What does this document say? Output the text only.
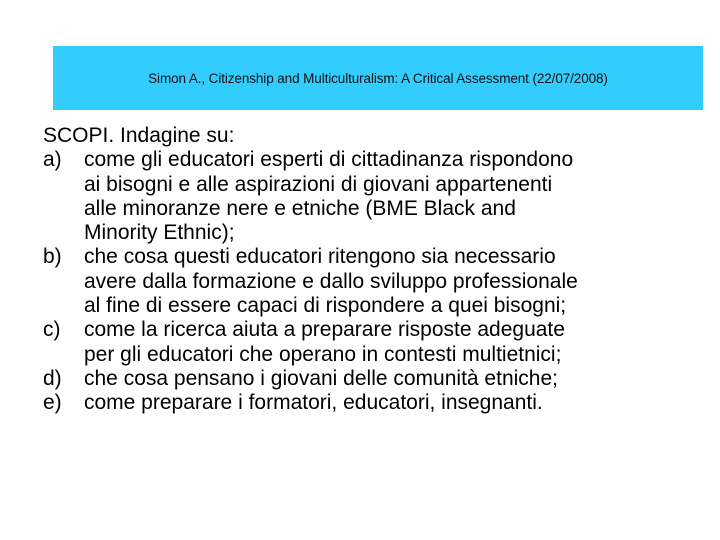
Simon A., Citizenship and Multiculturalism: A Critical Assessment (22/07/2008)
SCOPI. Indagine su:
a) come gli educatori esperti di cittadinanza rispondono
ai bisogni e alle aspirazioni di giovani appartenenti
alle minoranze nere e etniche (BME Black and
Minority Ethnic);
b) che cosa questi educatori ritengono sia necessario
avere dalla formazione e dallo sviluppo professionale
al fine di essere capaci di rispondere a quei bisogni;
c) come la ricerca aiuta a preparare risposte adeguate
per gli educatori che operano in contesti multietnici;
d) che cosa pensano i giovani delle comunità etniche;
e) come preparare i formatori, educatori, insegnanti.
